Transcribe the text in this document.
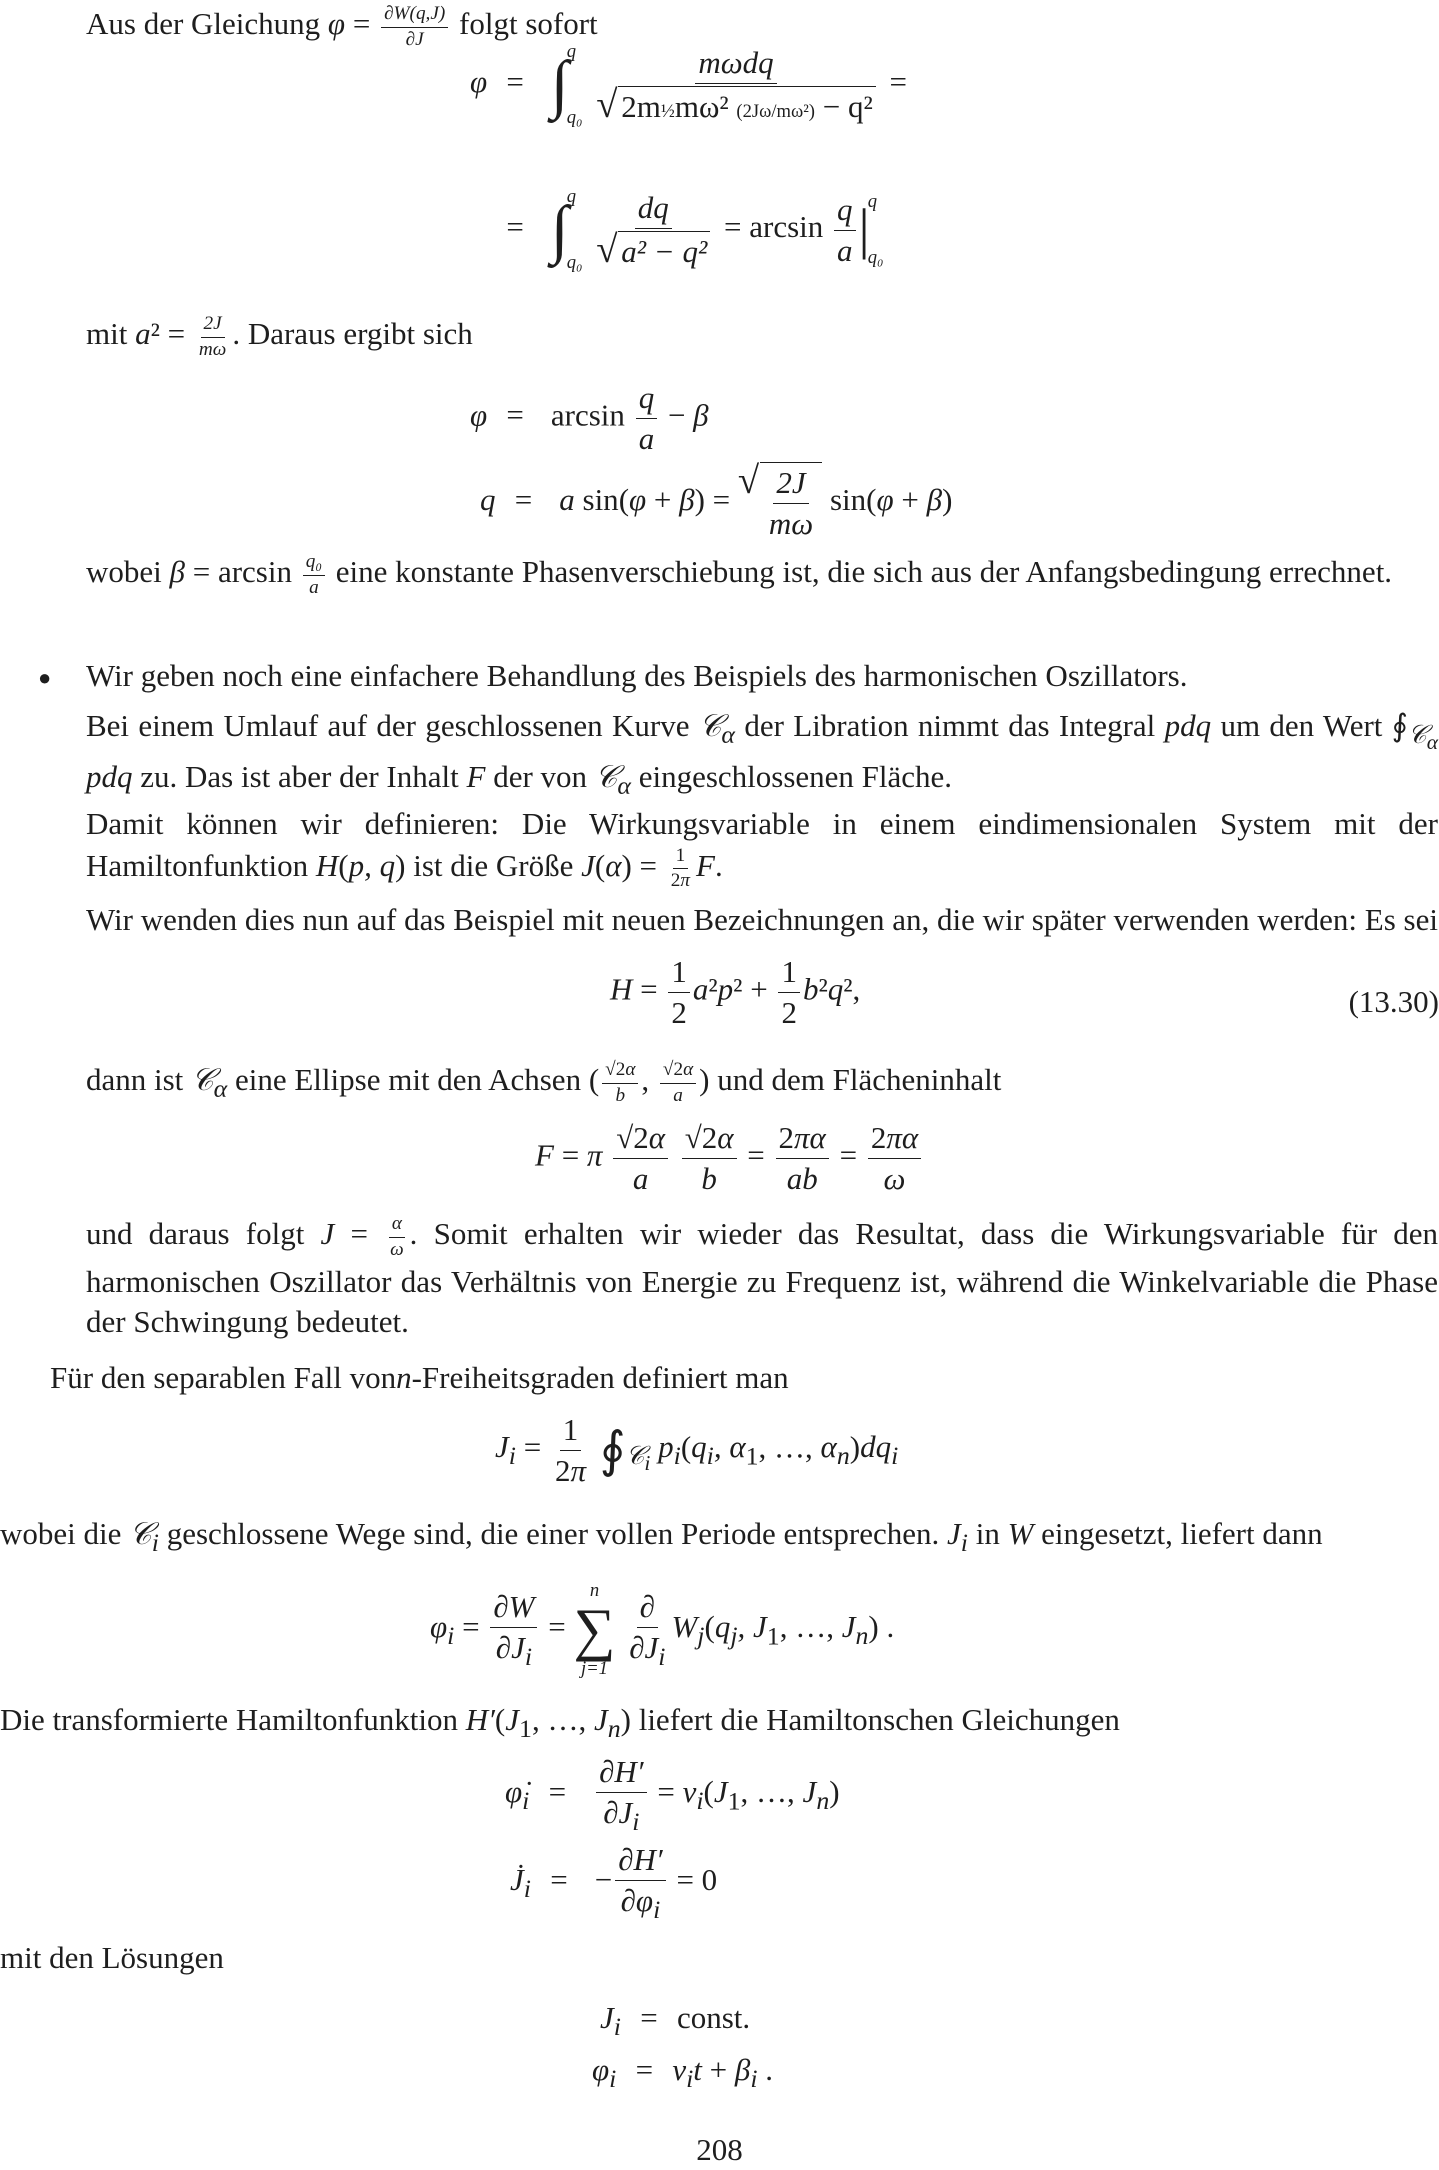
Aus der Gleichung $\varphi = \frac{\partial W(q,J)}{\partial J}$ folgt sofort
φ = ∫
q
q₀
mωdq
√ 2m½mω² (2Jω/mω²) − q² =
= ∫
q
q₀
dq
√ $a^2 - q^2 = \arcsin \frac{q}{a}$ |
q
q₀
mit $a^2 = \frac{2J}{m\omega}$ . Daraus ergibt sich
$\varphi = \arcsin \frac{q}{a} - \beta$
q = a sin(φ + β) =
√ $\frac{2J}{m\omega} \sin(\varphi + \beta)$
wobei $\beta = \arcsin \frac{\text{q₀}}{a}$ eine konstante Phasenverschiebung ist, die sich aus der Anfangsbedingung errechnet.
● Wir geben noch eine einfachere Behandlung des Beispiels des harmonischen Oszillators.
Bei einem Umlauf auf der geschlossenen Kurve 𝒞$_\alpha$ der Libration nimmt das Integral pdq um den Wert $∮_{𝒞_\alpha}$ pdq zu. Das ist aber der Inhalt F der von 𝒞$_\alpha$ eingeschlossenen Fläche.
Damit können wir definieren: Die Wirkungsvariable in einem eindimensionalen System mit der Hamiltonfunktion H(p, q) ist die Größe $J(\alpha) = \frac{1}{2\pi} F$.
Wir wenden dies nun auf das Beispiel mit neuen Bezeichnungen an, die wir später verwenden werden: Es sei
$H = \frac{1}{2} a^2p^2 + \frac{1}{2} b^2q^2$,	(13.30)
dann ist 𝒞$_\alpha$ eine Ellipse mit den Achsen ( $\frac{√2\alpha}{b}$ , $\frac{√2\alpha}{a}$ ) und dem Flächeninhalt
F = π $\frac{√2\alpha}{a}$
$\frac{√2\alpha}{b} = \frac{2\pi\alpha}{ab} = \frac{2\pi\alpha}{\omega}$
und daraus folgt $J = \frac{\alpha}{\omega}$ . Somit erhalten wir wieder das Resultat, dass die Wirkungsvariable für den harmonischen Oszillator das Verhältnis von Energie zu Frequenz ist, während die Winkelvariable die Phase der Schwingung bedeutet.
Für den separablen Fall vonn-Freiheitsgraden definiert man
$J_i = \frac{1}{2\pi}$ $∮_{𝒞_i}$ $p_i(q_i$, $\alpha_1$, …, $\alpha_n)dq_i$
wobei die 𝒞$_i$ geschlossene Wege sind, die einer vollen Periode entsprechen. $J_i$ in W eingesetzt, liefert dann
$\varphi_i = \frac{\partial W}{\partial J_i}$ =
n
∑
j=1
$\frac{\partial}{\partial J_i} W_j(q_j$, $J_1$, …, $J_n$) .
Die transformierte Hamiltonfunktion $H'(J_1$, …, $J_n$) liefert die Hamiltonschen Gleichungen
$\varphi̇_i = \frac{\partial H'}{\partial J_i} = \nu_i(J_1$, …, $J_n$)
$J̇_i$ = − $\frac{\partial H'}{\partial\varphi_i} = 0$
mit den Lösungen
$J_i$ = const.
$\varphi_i = \nu_it + \beta_i$ .
208
